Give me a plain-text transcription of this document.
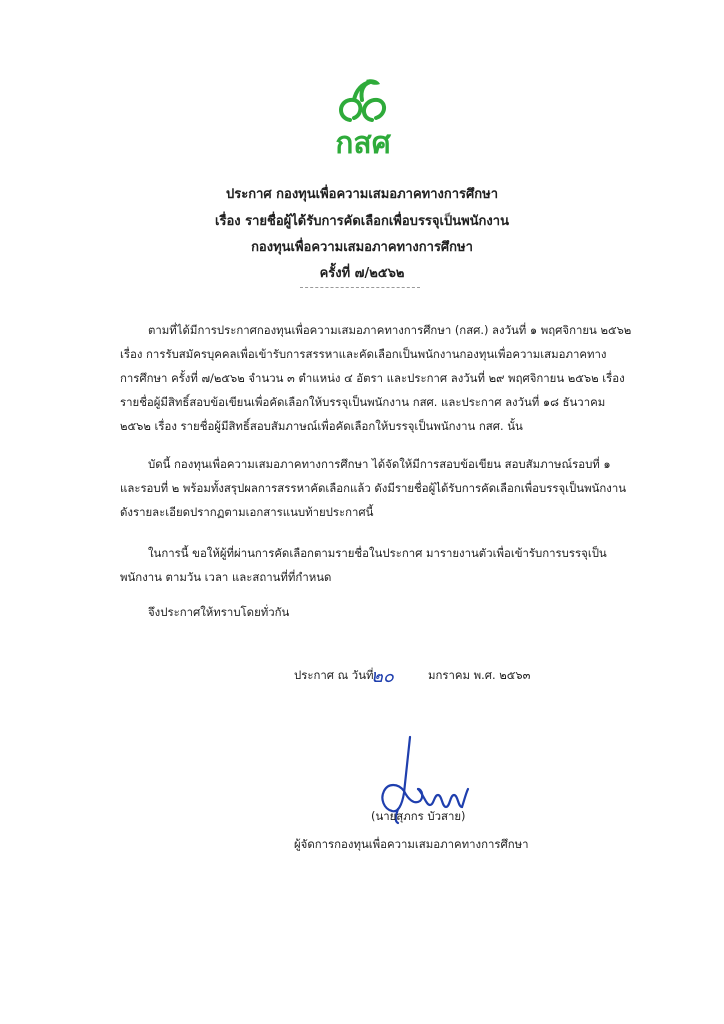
กสศ
ประกาศ กองทุนเพื่อความเสมอภาคทางการศึกษา
เรื่อง รายชื่อผู้ได้รับการคัดเลือกเพื่อบรรจุเป็นพนักงาน
กองทุนเพื่อความเสมอภาคทางการศึกษา
ครั้งที่ ๗/๒๕๖๒
ตามที่ได้มีการประกาศกองทุนเพื่อความเสมอภาคทางการศึกษา (กสศ.) ลงวันที่ ๑ พฤศจิกายน ๒๕๖๒
เรื่อง การรับสมัครบุคคลเพื่อเข้ารับการสรรหาและคัดเลือกเป็นพนักงานกองทุนเพื่อความเสมอภาคทาง
การศึกษา ครั้งที่ ๗/๒๕๖๒ จำนวน ๓ ตำแหน่ง ๔ อัตรา และประกาศ ลงวันที่ ๒๙ พฤศจิกายน ๒๕๖๒ เรื่อง
รายชื่อผู้มีสิทธิ์สอบข้อเขียนเพื่อคัดเลือกให้บรรจุเป็นพนักงาน กสศ. และประกาศ ลงวันที่ ๑๘ ธันวาคม
๒๕๖๒ เรื่อง รายชื่อผู้มีสิทธิ์สอบสัมภาษณ์เพื่อคัดเลือกให้บรรจุเป็นพนักงาน กสศ. นั้น
บัดนี้ กองทุนเพื่อความเสมอภาคทางการศึกษา ได้จัดให้มีการสอบข้อเขียน สอบสัมภาษณ์รอบที่ ๑
และรอบที่ ๒ พร้อมทั้งสรุปผลการสรรหาคัดเลือกแล้ว ดังมีรายชื่อผู้ได้รับการคัดเลือกเพื่อบรรจุเป็นพนักงาน
ดังรายละเอียดปรากฏตามเอกสารแนบท้ายประกาศนี้
ในการนี้ ขอให้ผู้ที่ผ่านการคัดเลือกตามรายชื่อในประกาศ มารายงานตัวเพื่อเข้ารับการบรรจุเป็น
พนักงาน ตามวัน เวลา และสถานที่ที่กำหนด
จึงประกาศให้ทราบโดยทั่วกัน
ประกาศ ณ วันที่
๒๐	มกราคม พ.ศ. ๒๕๖๓
(นายสุภกร บัวสาย)
ผู้จัดการกองทุนเพื่อความเสมอภาคทางการศึกษา
